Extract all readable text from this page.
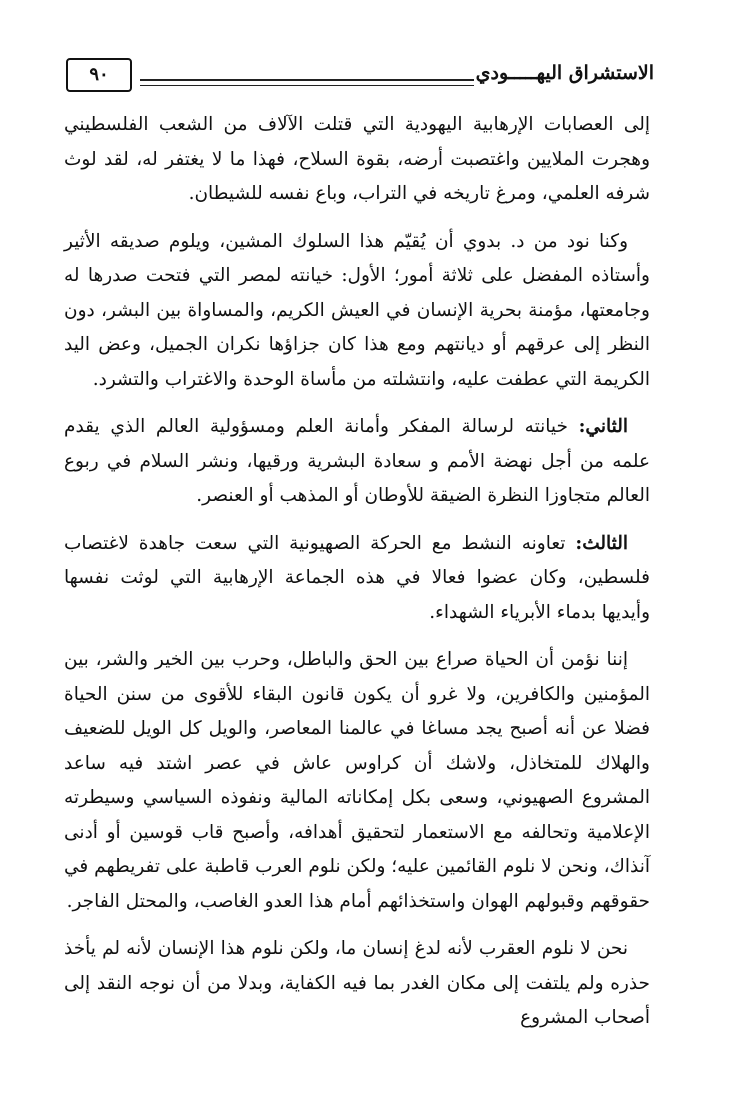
٩٠	الاستشراق اليهـــــودي

إلى العصابات الإرهابية اليهودية التي قتلت الآلاف من الشعب الفلسطيني وهجرت الملايين واغتصبت أرضه، بقوة السلاح، فهذا ما لا يغتفر له، لقد لوث شرفه العلمي، ومرغ تاريخه في التراب، وباع نفسه للشيطان.

وكنا نود من د. بدوي أن يُقيّم هذا السلوك المشين، ويلوم صديقه الأثير وأستاذه المفضل على ثلاثة أمور؛ الأول: خيانته لمصر التي فتحت صدرها له وجامعتها، مؤمنة بحرية الإنسان في العيش الكريم، والمساواة بين البشر، دون النظر إلى عرقهم أو ديانتهم ومع هذا كان جزاؤها نكران الجميل، وعض اليد الكريمة التي عطفت عليه، وانتشلته من مأساة الوحدة والاغتراب والتشرد.

الثاني: خيانته لرسالة المفكر وأمانة العلم ومسؤولية العالم الذي يقدم علمه من أجل نهضة الأمم و سعادة البشرية ورقيها، ونشر السلام في ربوع العالم متجاوزا النظرة الضيقة للأوطان أو المذهب أو العنصر.

الثالث: تعاونه النشط مع الحركة الصهيونية التي سعت جاهدة لاغتصاب فلسطين، وكان عضوا فعالا في هذه الجماعة الإرهابية التي لوثت نفسها وأيديها بدماء الأبرياء الشهداء.

إننا نؤمن أن الحياة صراع بين الحق والباطل، وحرب بين الخير والشر، بين المؤمنين والكافرين، ولا غرو أن يكون قانون البقاء للأقوى من سنن الحياة فضلا عن أنه أصبح يجد مساغا في عالمنا المعاصر، والويل كل الويل للضعيف والهلاك للمتخاذل، ولاشك أن كراوس عاش في عصر اشتد فيه ساعد المشروع الصهيوني، وسعى بكل إمكاناته المالية ونفوذه السياسي وسيطرته الإعلامية وتحالفه مع الاستعمار لتحقيق أهدافه، وأصبح قاب قوسين أو أدنى آنذاك، ونحن لا نلوم القائمين عليه؛ ولكن نلوم العرب قاطبة على تفريطهم في حقوقهم وقبولهم الهوان واستخذائهم أمام هذا العدو الغاصب، والمحتل الفاجر.

نحن لا نلوم العقرب لأنه لدغ إنسان ما، ولكن نلوم هذا الإنسان لأنه لم يأخذ حذره ولم يلتفت إلى مكان الغدر بما فيه الكفاية، وبدلا من أن نوجه النقد إلى أصحاب المشروع
